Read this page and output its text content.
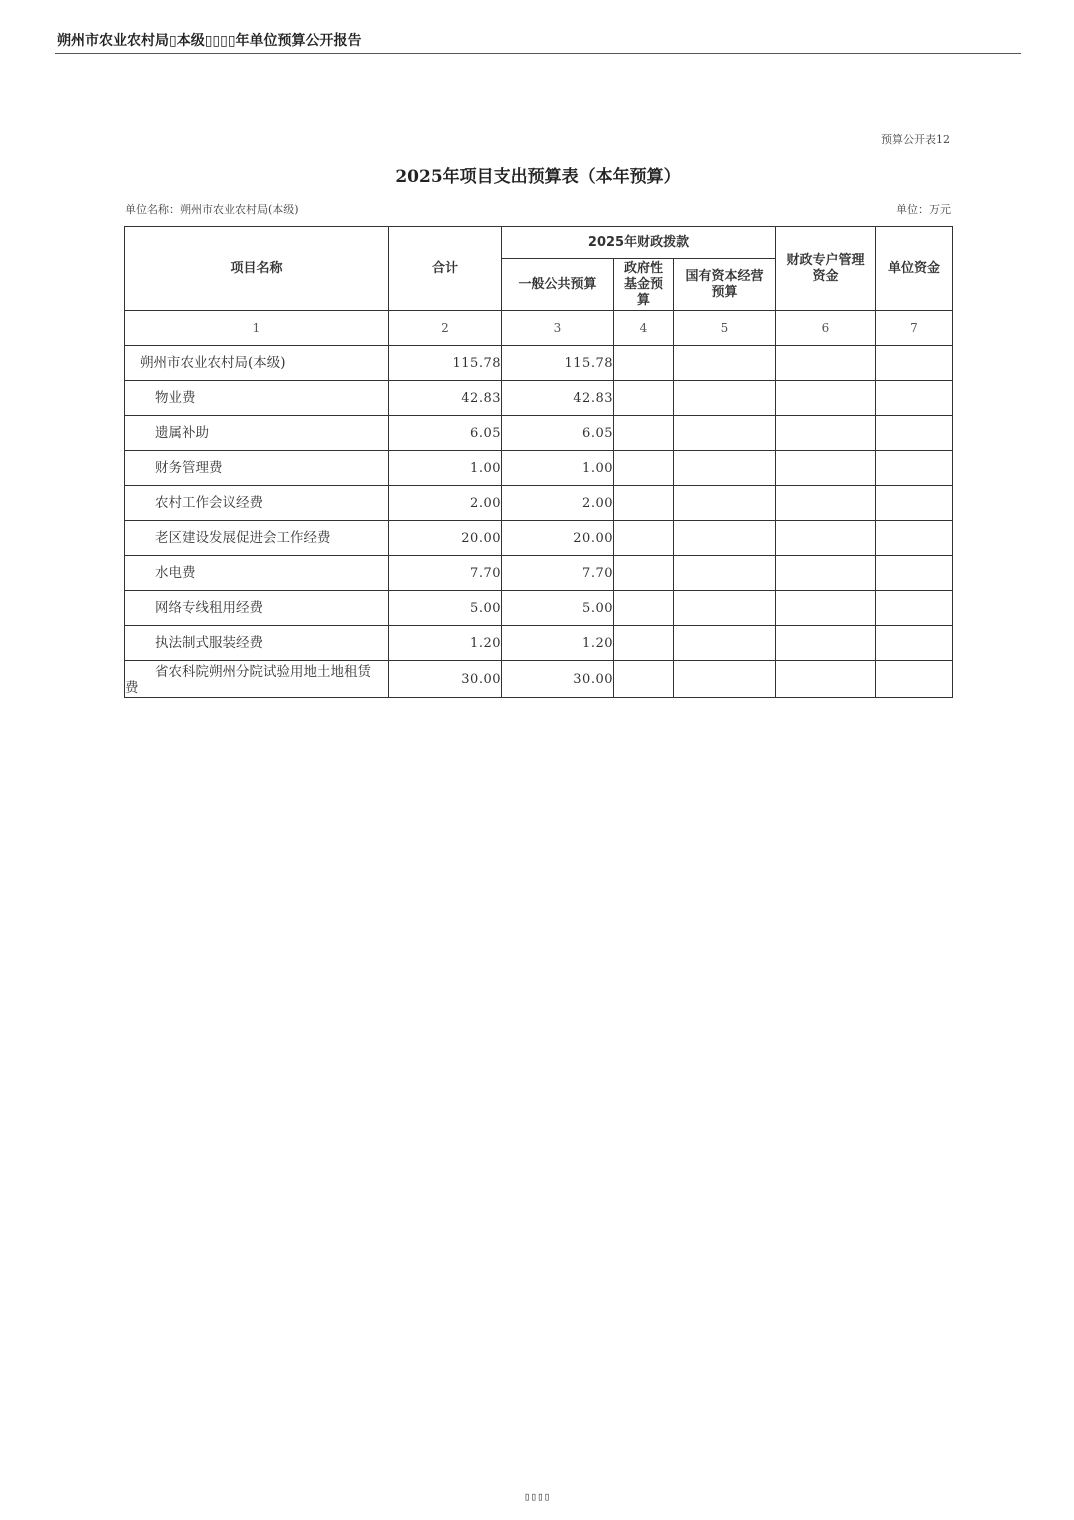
朔州市农业农村局▯本级▯▯▯▯年单位预算公开报告
预算公开表12
2025年项目支出预算表（本年预算）
单位名称：朔州市农业农村局(本级)	单位：万元
项目名称	合计	2025年财政拨款			财政专户管理资金	单位资金
		一般公共预算	政府性基金预算	国有资本经营预算		
1	2	3	4	5	6	7
朔州市农业农村局(本级)	115.78	115.78				
物业费	42.83	42.83				
遗属补助	6.05	6.05				
财务管理费	1.00	1.00				
农村工作会议经费	2.00	2.00				
老区建设发展促进会工作经费	20.00	20.00				
水电费	7.70	7.70				
网络专线租用经费	5.00	5.00				
执法制式服装经费	1.20	1.20				
省农科院朔州分院试验用地土地租赁费	30.00	30.00				
▯▯▯▯
